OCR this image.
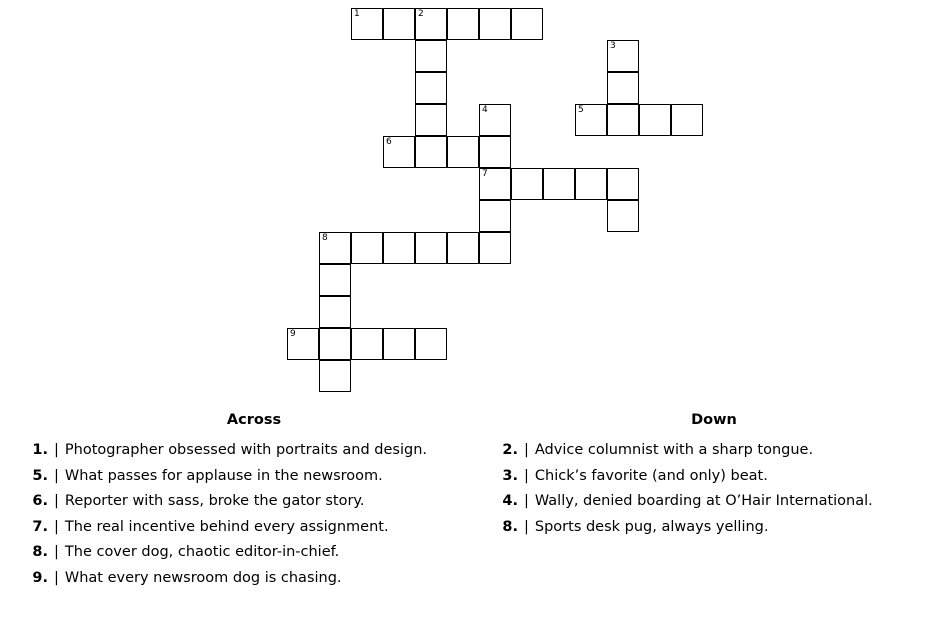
1	2
3
4	5
6
7
8
9
Across
1. | Photographer obsessed with portraits and design.
5. | What passes for applause in the newsroom.
6. | Reporter with sass, broke the gator story.
7. | The real incentive behind every assignment.
8. | The cover dog, chaotic editor-in-chief.
9. | What every newsroom dog is chasing.
Down
2. | Advice columnist with a sharp tongue.
3. | Chick’s favorite (and only) beat.
4. | Wally, denied boarding at O’Hair International.
8. | Sports desk pug, always yelling.
